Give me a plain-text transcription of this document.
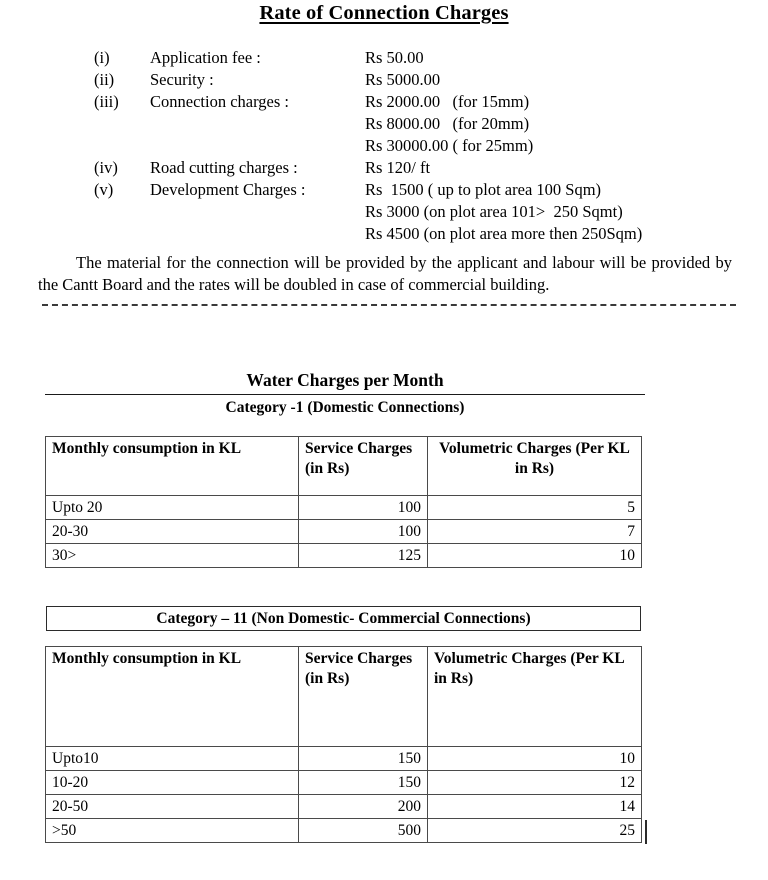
Rate of Connection Charges
(i)	Application fee :	Rs 50.00
(ii)	Security :	Rs 5000.00
(iii)	Connection charges :	Rs 2000.00   (for 15mm)
Rs 8000.00   (for 20mm)
Rs 30000.00 ( for 25mm)
(iv)	Road cutting charges :	Rs 120/ ft
(v)	Development Charges :	Rs  1500 ( up to plot area 100 Sqm)
Rs 3000 (on plot area 101>  250 Sqmt)
Rs 4500 (on plot area more then 250Sqm)
The material for the connection will be provided by the applicant and labour will be provided by the Cantt Board and the rates will be doubled in case of commercial building.
Water Charges per Month
Category -1 (Domestic Connections)
Monthly consumption in KL	Service Charges (in Rs)	Volumetric Charges (Per KL in Rs)
Upto 20	100	5
20-30	100	7
30>	125	10
Category – 11 (Non Domestic- Commercial Connections)
Monthly consumption in KL	Service Charges (in Rs)	Volumetric Charges (Per KL in Rs)
Upto10	150	10
10-20	150	12
20-50	200	14
>50	500	25
